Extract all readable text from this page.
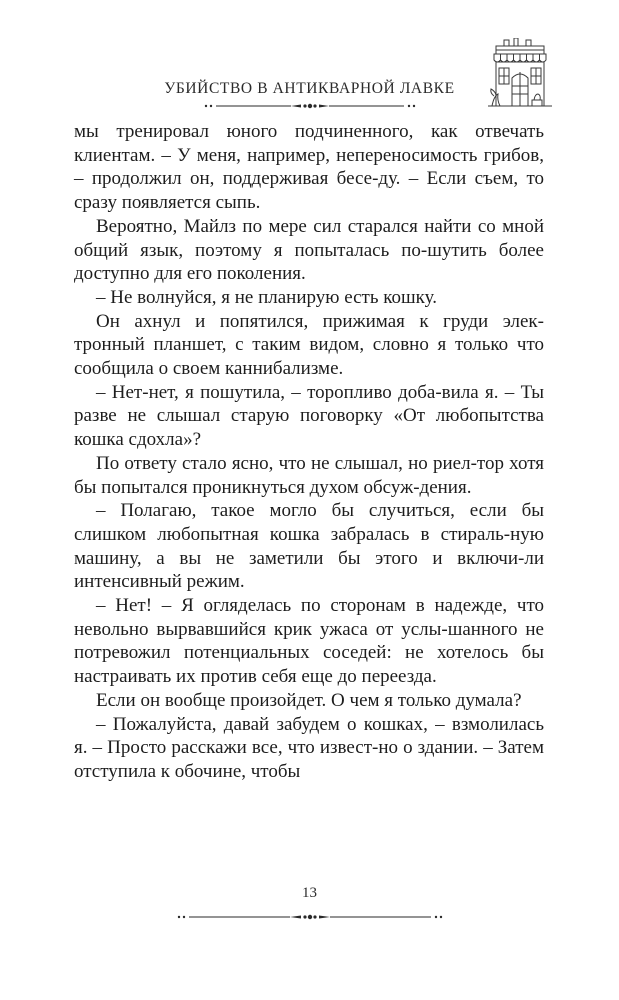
УБИЙСТВО В АНТИКВАРНОЙ ЛАВКЕ

мы тренировал юного подчиненного, как отвечать клиентам. – У меня, например, непереносимость грибов, – продолжил он, поддерживая бесе-ду. – Если съем, то сразу появляется сыпь.

Вероятно, Майлз по мере сил старался найти со мной общий язык, поэтому я попыталась по-шутить более доступно для его поколения.

– Не волнуйся, я не планирую есть кошку.

Он ахнул и попятился, прижимая к груди элек-тронный планшет, с таким видом, словно я только что сообщила о своем каннибализме.

– Нет-нет, я пошутила, – торопливо доба-вила я. – Ты разве не слышал старую поговорку «От любопытства кошка сдохла»?

По ответу стало ясно, что не слышал, но риел-тор хотя бы попытался проникнуться духом обсуж-дения.

– Полагаю, такое могло бы случиться, если бы слишком любопытная кошка забралась в стираль-ную машину, а вы не заметили бы этого и включи-ли интенсивный режим.

– Нет! – Я огляделась по сторонам в надежде, что невольно вырвавшийся крик ужаса от услы-шанного не потревожил потенциальных соседей: не хотелось бы настраивать их против себя еще до переезда.

Если он вообще произойдет. О чем я только думала?

– Пожалуйста, давай забудем о кошках, – взмолилась я. – Просто расскажи все, что извест-но о здании. – Затем отступила к обочине, чтобы

13
